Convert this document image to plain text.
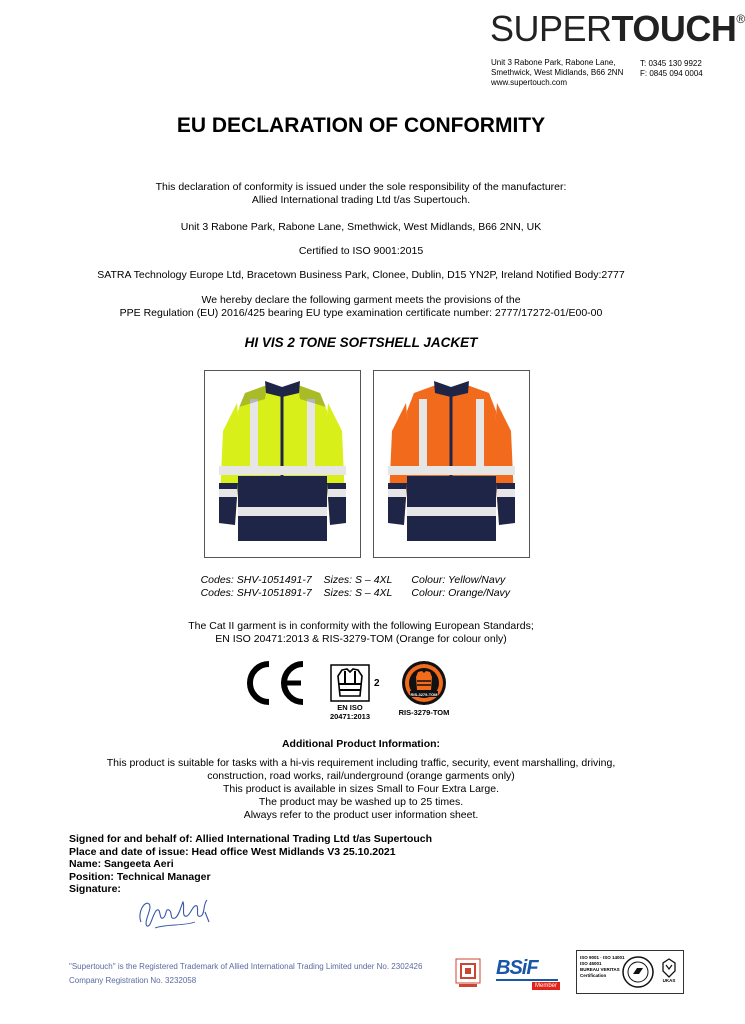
SUPERTOUCH®
Unit 3 Rabone Park, Rabone Lane,
Smethwick, West Midlands, B66 2NN
www.supertouch.com
T: 0345 130 9922
F: 0845 094 0004
EU DECLARATION OF CONFORMITY
This declaration of conformity is issued under the sole responsibility of the manufacturer:
Allied International trading Ltd t/as Supertouch.
Unit 3 Rabone Park, Rabone Lane, Smethwick, West Midlands, B66 2NN, UK
Certified to ISO 9001:2015
SATRA Technology Europe Ltd, Bracetown Business Park, Clonee, Dublin, D15 YN2P, Ireland Notified Body:2777
We hereby declare the following garment meets the provisions of the
PPE Regulation (EU) 2016/425 bearing EU type examination certificate number: 2777/17272-01/E00-00
HI VIS 2 TONE SOFTSHELL JACKET
Codes: SHV-1051491-7 Sizes: S – 4XL Colour: Yellow/Navy
Codes: SHV-1051891-7 Sizes: S – 4XL Colour: Orange/Navy
The Cat II garment is in conformity with the following European Standards;
EN ISO 20471:2013 & RIS-3279-TOM (Orange for colour only)
2
EN ISO
20471:2013
RIS-3279-TOM
RIS-3279-TOM
Additional Product Information:
This product is suitable for tasks with a hi-vis requirement including traffic, security, event marshalling, driving,
construction, road works, rail/underground (orange garments only)
This product is available in sizes Small to Four Extra Large.
The product may be washed up to 25 times.
Always refer to the product user information sheet.
Signed for and behalf of: Allied International Trading Ltd t/as Supertouch
Place and date of issue: Head office West Midlands V3 25.10.2021
Name: Sangeeta Aeri
Position: Technical Manager
Signature:
"Supertouch" is the Registered Trademark of Allied International Trading Limited under No. 2302426
Company Registration No. 3232058
BSiF
Member
ISO 9001 · ISO 14001
ISO 45001
BUREAU VERITAS
Certification
UKAS
